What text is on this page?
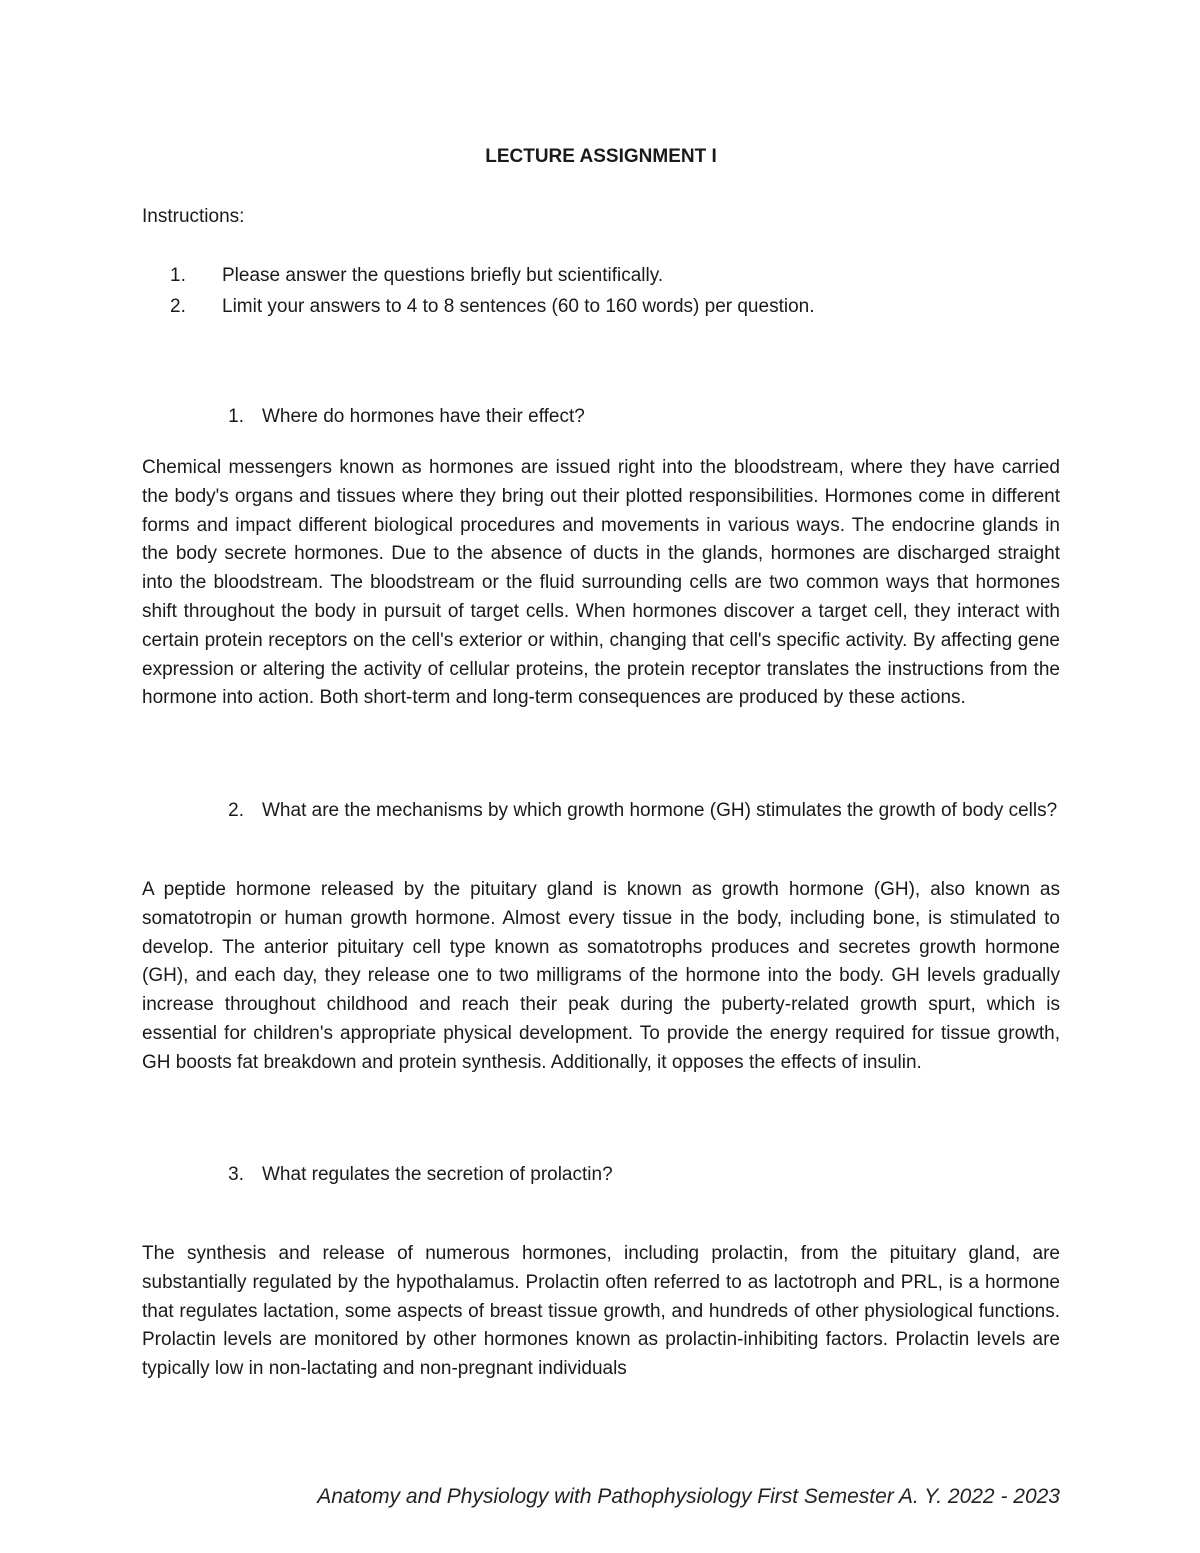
LECTURE ASSIGNMENT I
Instructions:
1.	Please answer the questions briefly but scientifically.
2.	Limit your answers to 4 to 8 sentences (60 to 160 words) per question.
1. Where do hormones have their effect?

Chemical messengers known as hormones are issued right into the bloodstream, where they have carried the body's organs and tissues where they bring out their plotted responsibilities. Hormones come in different forms and impact different biological procedures and movements in various ways. The endocrine glands in the body secrete hormones. Due to the absence of ducts in the glands, hormones are discharged straight into the bloodstream. The bloodstream or the fluid surrounding cells are two common ways that hormones shift throughout the body in pursuit of target cells. When hormones discover a target cell, they interact with certain protein receptors on the cell's exterior or within, changing that cell's specific activity. By affecting gene expression or altering the activity of cellular proteins, the protein receptor translates the instructions from the hormone into action. Both short-term and long-term consequences are produced by these actions.

2. What are the mechanisms by which growth hormone (GH) stimulates the growth of body cells?

A peptide hormone released by the pituitary gland is known as growth hormone (GH), also known as somatotropin or human growth hormone. Almost every tissue in the body, including bone, is stimulated to develop. The anterior pituitary cell type known as somatotrophs produces and secretes growth hormone (GH), and each day, they release one to two milligrams of the hormone into the body. GH levels gradually increase throughout childhood and reach their peak during the puberty-related growth spurt, which is essential for children's appropriate physical development. To provide the energy required for tissue growth, GH boosts fat breakdown and protein synthesis. Additionally, it opposes the effects of insulin.

3. What regulates the secretion of prolactin?

The synthesis and release of numerous hormones, including prolactin, from the pituitary gland, are substantially regulated by the hypothalamus. Prolactin often referred to as lactotroph and PRL, is a hormone that regulates lactation, some aspects of breast tissue growth, and hundreds of other physiological functions. Prolactin levels are monitored by other hormones known as prolactin-inhibiting factors. Prolactin levels are typically low in non-lactating and non-pregnant individuals

Anatomy and Physiology with Pathophysiology First Semester A. Y. 2022 - 2023
